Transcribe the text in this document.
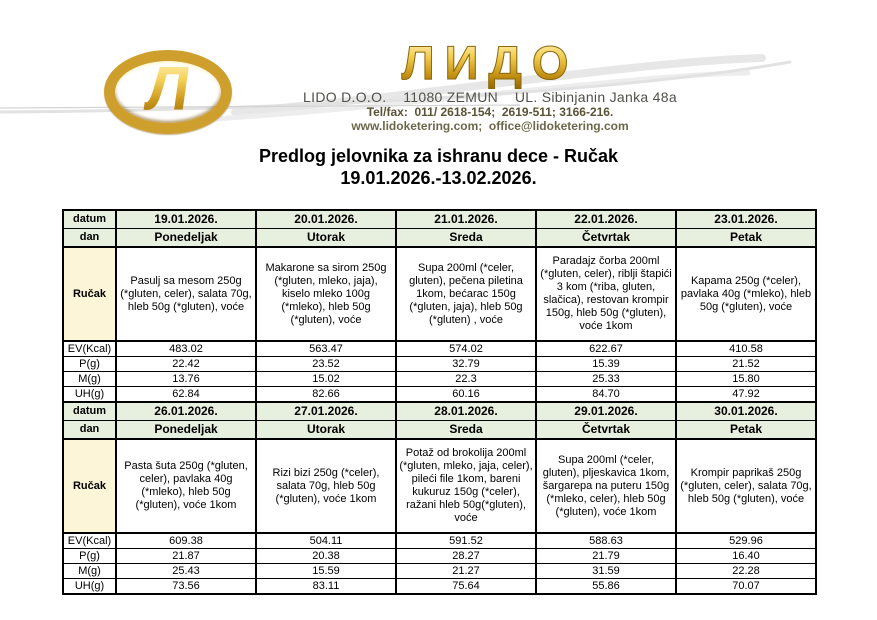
Л	ЛИДО
LIDO D.O.O.    11080 ZEMUN    UL. Sibinjanin Janka 48a
Tel/fax:  011/ 2618-154;  2619-511; 3166-216.
www.lidoketering.com;  office@lidoketering.com
Predlog jelovnika za ishranu dece - Ručak
19.01.2026.-13.02.2026.
datum	19.01.2026.	20.01.2026.	21.01.2026.	22.01.2026.	23.01.2026.
dan	Ponedeljak	Utorak	Sreda	Četvrtak	Petak
Ručak	Pasulj sa mesom 250g (*gluten, celer), salata 70g, hleb 50g (*gluten), voće	Makarone sa sirom 250g (*gluten, mleko, jaja), kiselo mleko 100g (*mleko), hleb 50g (*gluten), voće	Supa 200ml (*celer, gluten), pečena piletina 1kom, bećarac 150g (*gluten, jaja), hleb 50g (*gluten) , voće	Paradajz čorba 200ml (*gluten, celer), riblji štapići 3 kom (*riba, gluten, slačica), restovan krompir 150g, hleb 50g (*gluten), voće 1kom	Kapama 250g (*celer), pavlaka 40g (*mleko), hleb 50g (*gluten), voće
EV(Kcal)	483.02	563.47	574.02	622.67	410.58
P(g)	22.42	23.52	32.79	15.39	21.52
M(g)	13.76	15.02	22.3	25.33	15.80
UH(g)	62.84	82.66	60.16	84.70	47.92
datum	26.01.2026.	27.01.2026.	28.01.2026.	29.01.2026.	30.01.2026.
dan	Ponedeljak	Utorak	Sreda	Četvrtak	Petak
Ručak	Pasta šuta 250g (*gluten, celer), pavlaka 40g (*mleko), hleb 50g (*gluten), voće 1kom	Rizi bizi 250g (*celer), salata 70g, hleb 50g (*gluten), voće 1kom	Potaž od brokolija 200ml (*gluten, mleko, jaja, celer), pileći file 1kom, bareni kukuruz 150g (*celer), ražani hleb 50g(*gluten), voće	Supa 200ml (*celer, gluten), pljeskavica 1kom, šargarepa na puteru 150g (*mleko, celer), hleb 50g (*gluten), voće 1kom	Krompir paprikaš 250g (*gluten, celer), salata 70g, hleb 50g (*gluten), voće
EV(Kcal)	609.38	504.11	591.52	588.63	529.96
P(g)	21.87	20.38	28.27	21.79	16.40
M(g)	25.43	15.59	21.27	31.59	22.28
UH(g)	73.56	83.11	75.64	55.86	70.07
